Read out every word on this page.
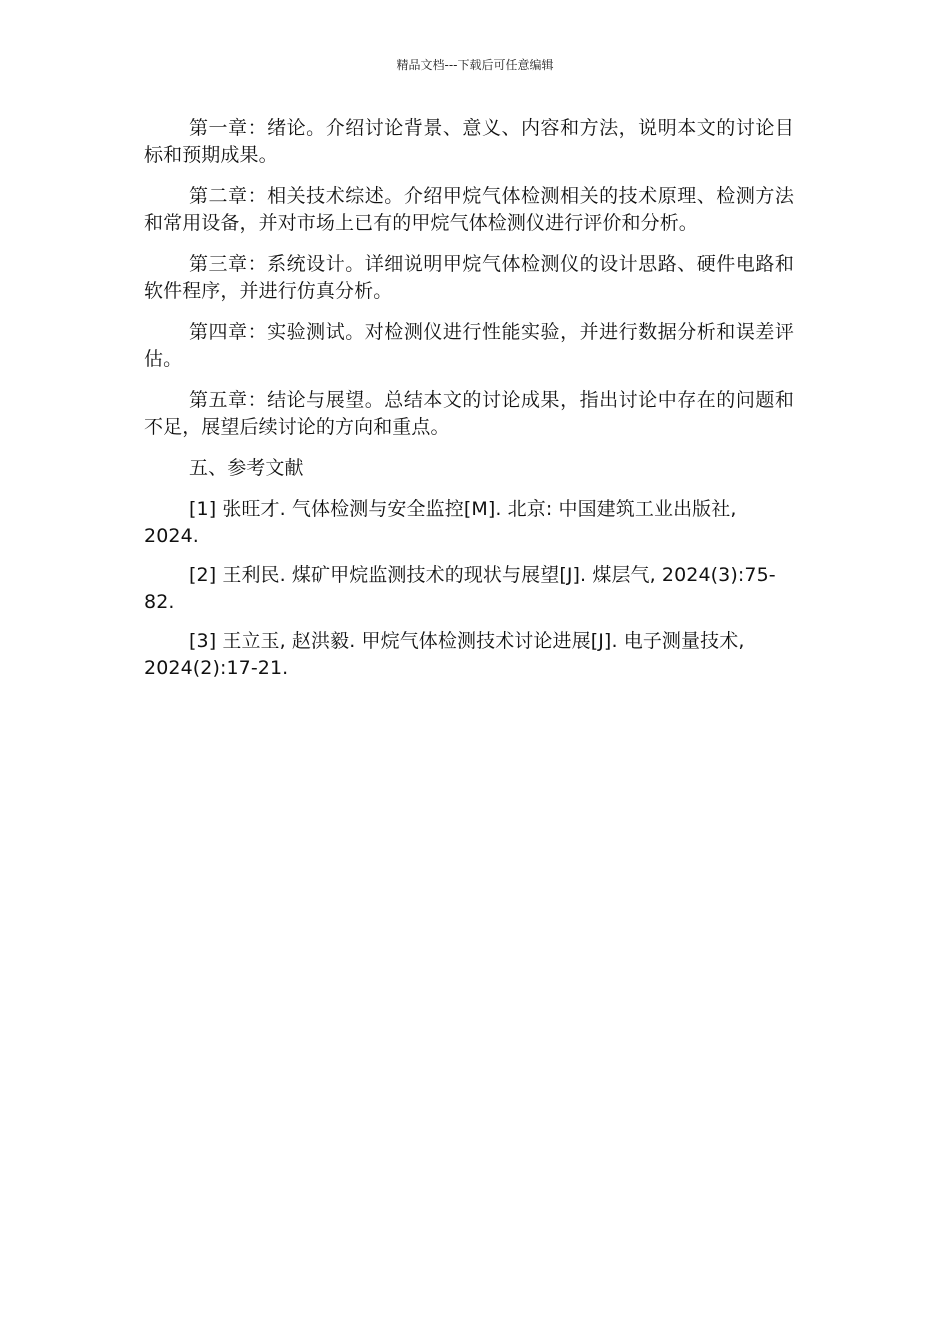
精品文档---下载后可任意编辑

第一章：绪论。介绍讨论背景、意义、内容和方法，说明本文的讨论目标和预期成果。

第二章：相关技术综述。介绍甲烷气体检测相关的技术原理、检测方法和常用设备，并对市场上已有的甲烷气体检测仪进行评价和分析。

第三章：系统设计。详细说明甲烷气体检测仪的设计思路、硬件电路和软件程序，并进行仿真分析。

第四章：实验测试。对检测仪进行性能实验，并进行数据分析和误差评估。

第五章：结论与展望。总结本文的讨论成果，指出讨论中存在的问题和不足，展望后续讨论的方向和重点。

五、参考文献

[1] 张旺才. 气体检测与安全监控[M]. 北京: 中国建筑工业出版社, 2024.

[2] 王利民. 煤矿甲烷监测技术的现状与展望[J]. 煤层气, 2024(3):75-82.

[3] 王立玉, 赵洪毅. 甲烷气体检测技术讨论进展[J]. 电子测量技术, 2024(2):17-21.
